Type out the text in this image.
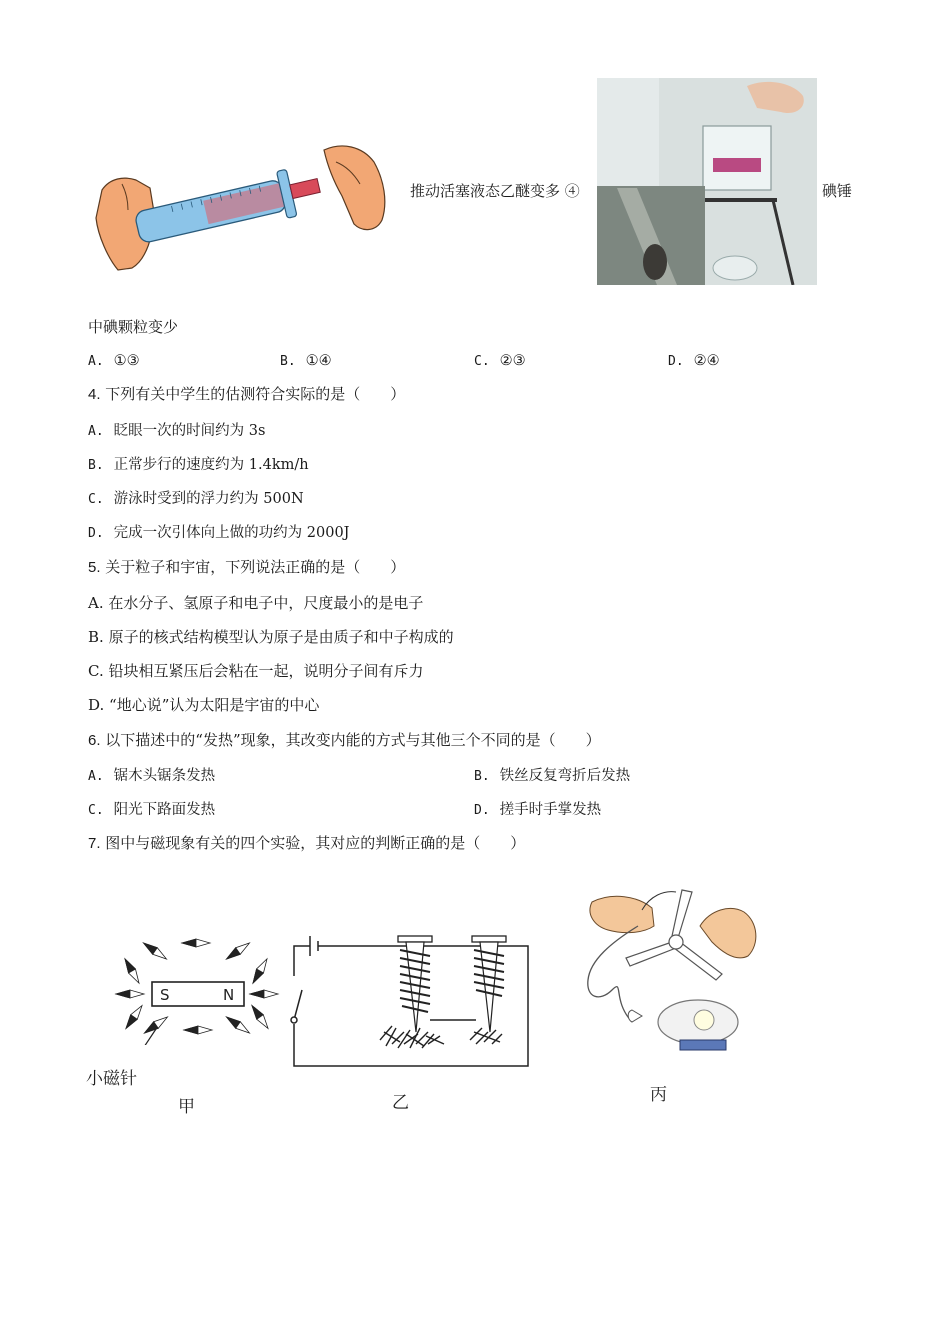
推动活塞液态乙醚变多 ④	碘锤
中碘颗粒变少
A. ①③	B. ①④	C. ②③	D. ②④
4. 下列有关中学生的估测符合实际的是（　　）
A. 眨眼一次的时间约为 3s
B. 正常步行的速度约为 1.4km/h
C. 游泳时受到的浮力约为 500N
D. 完成一次引体向上做的功约为 2000J
5. 关于粒子和宇宙，下列说法正确的是（　　）
A. 在水分子、氢原子和电子中，尺度最小的是电子
B. 原子的核式结构模型认为原子是由质子和中子构成的
C. 铅块相互紧压后会粘在一起，说明分子间有斥力
D. “地心说”认为太阳是宇宙的中心
6. 以下描述中的“发热”现象，其改变内能的方式与其他三个不同的是（　　）
A. 锯木头锯条发热	B. 铁丝反复弯折后发热
C. 阳光下路面发热	D. 搓手时手掌发热
7. 图中与磁现象有关的四个实验，其对应的判断正确的是（　　）
S	N
小磁针
甲	乙	丙
